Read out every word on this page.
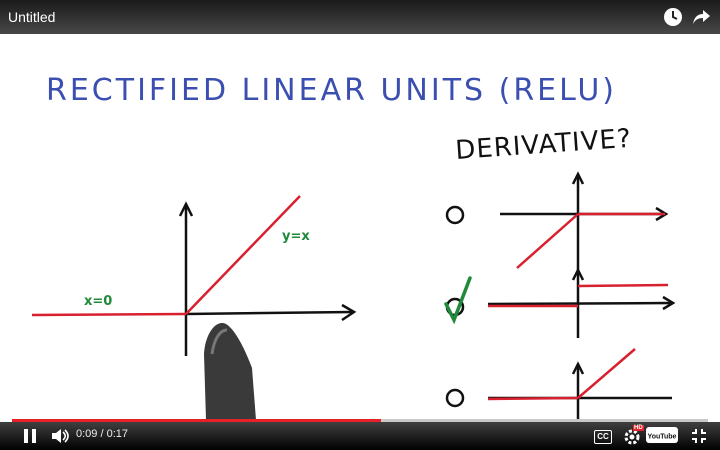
Untitled
RECTIFIED LINEAR UNITS (RELU)
DERIVATIVE?
x=0
y=x
0:09 / 0:17	CC
HD
YouTube
